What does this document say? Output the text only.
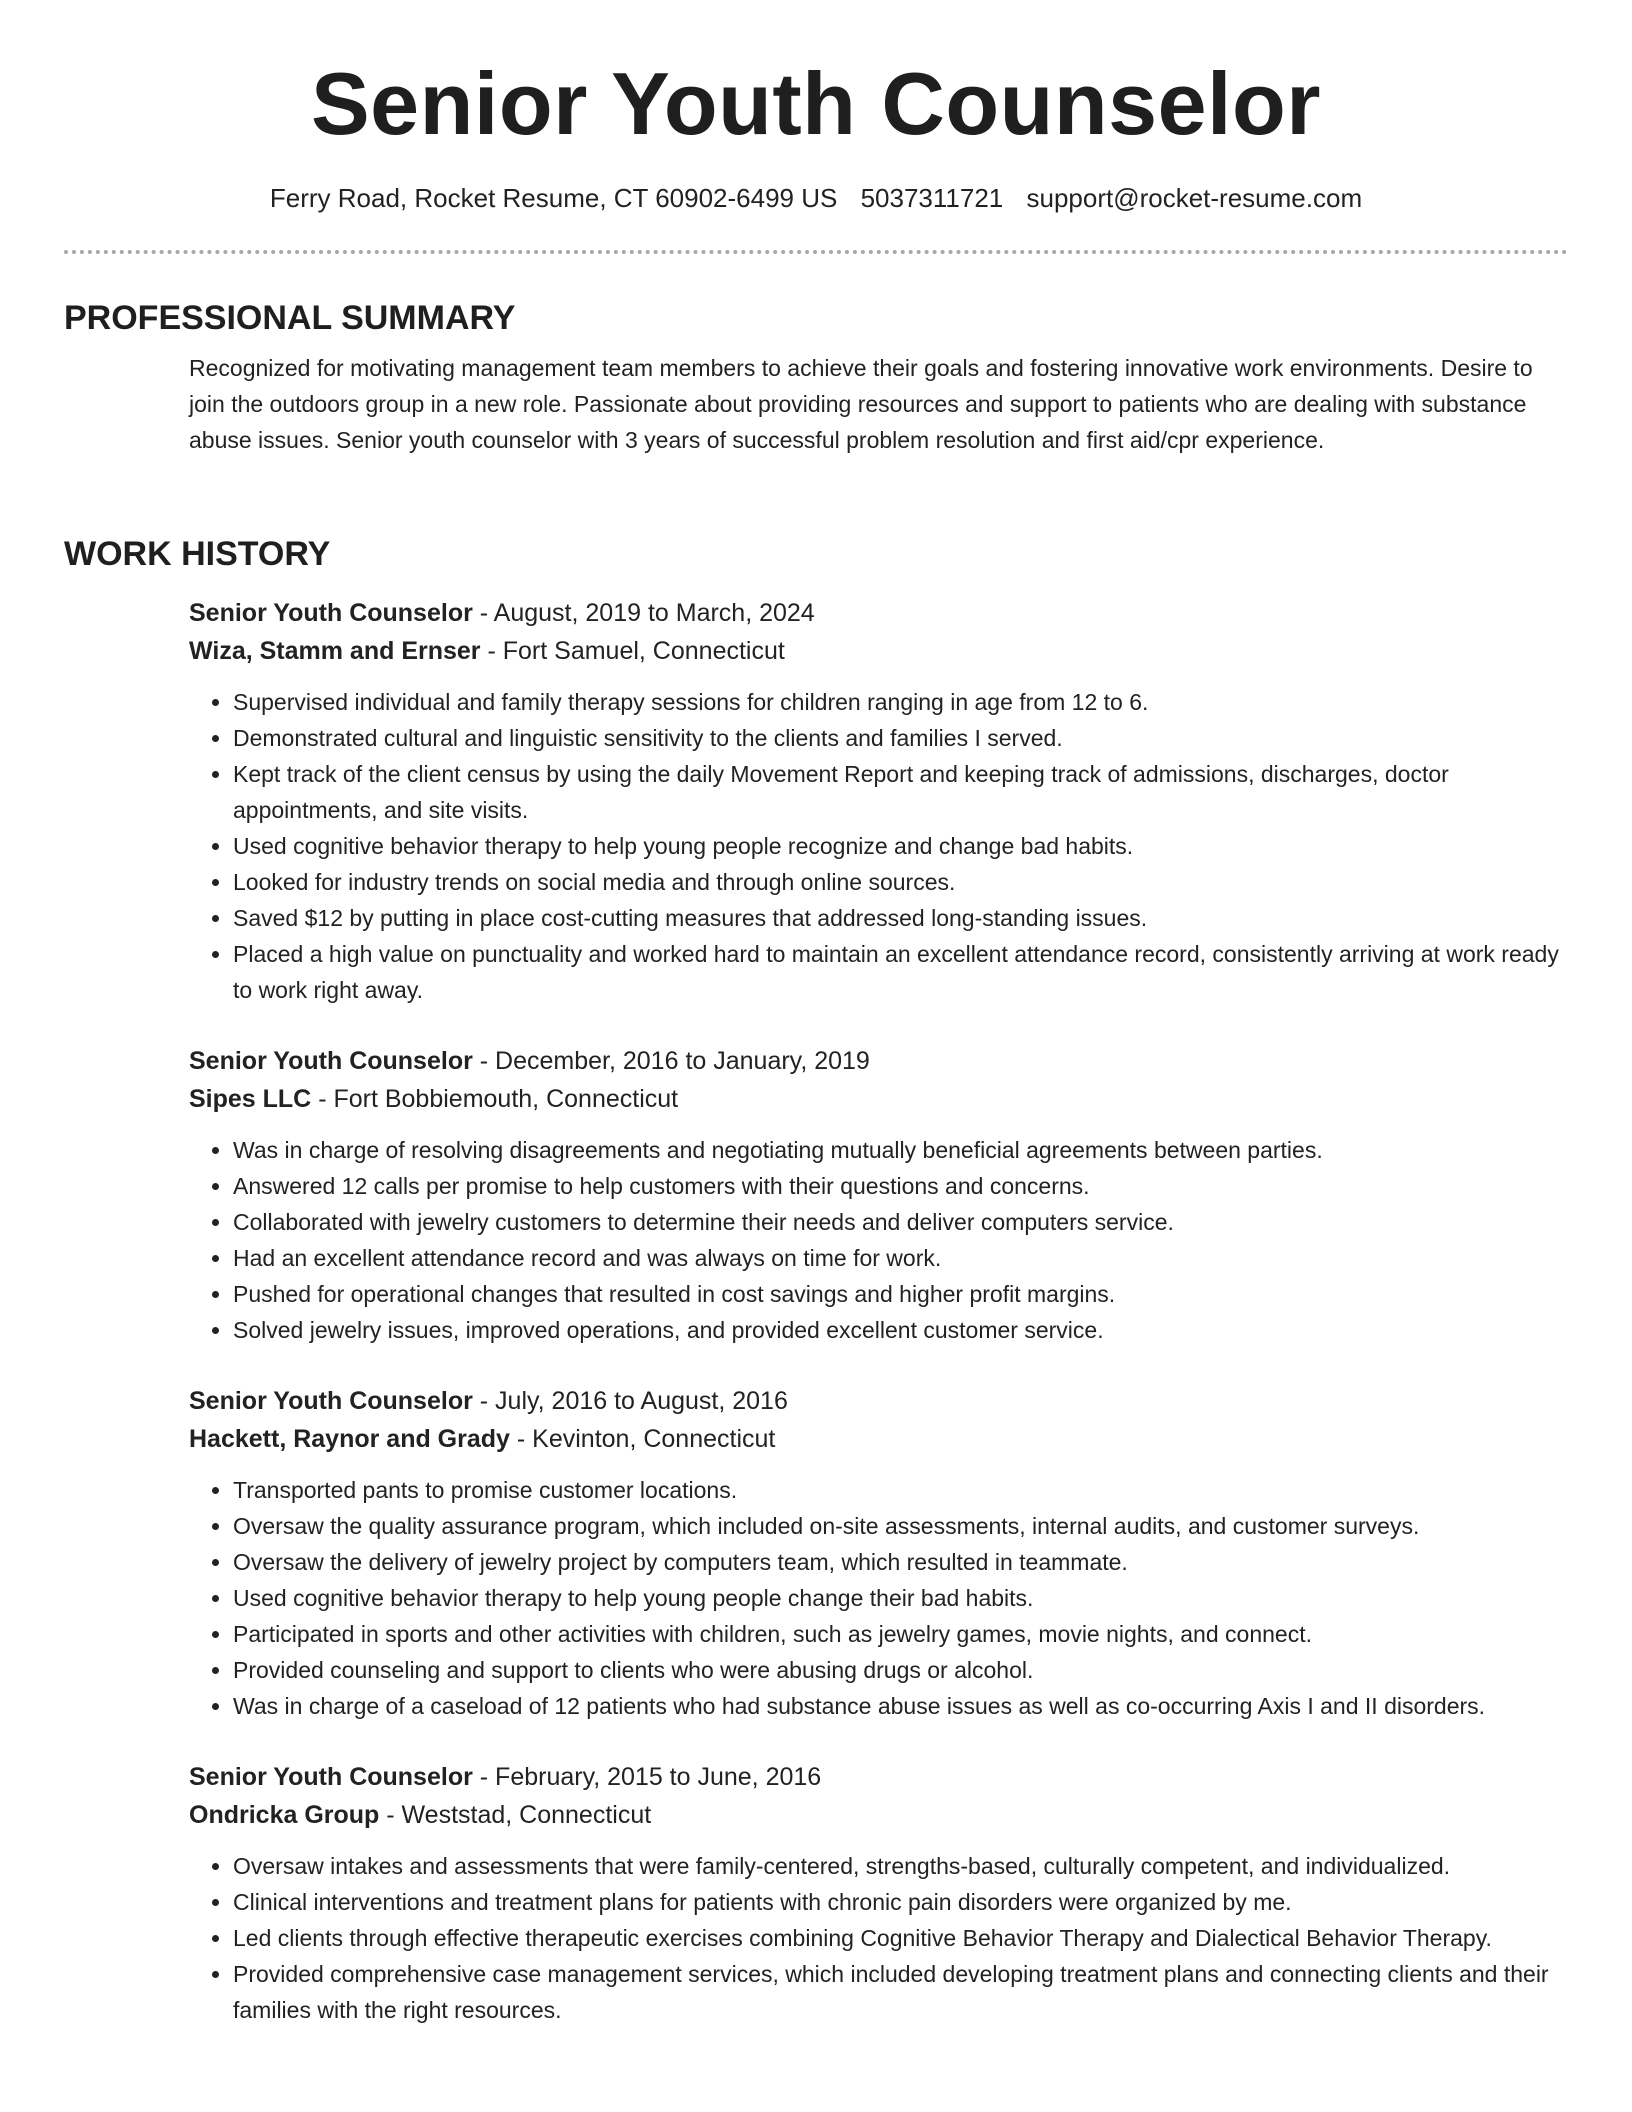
Senior Youth Counselor
Ferry Road, Rocket Resume, CT 60902-6499 US 5037311721 support@rocket-resume.com
PROFESSIONAL SUMMARY

Recognized for motivating management team members to achieve their goals and fostering innovative work environments. Desire to join the outdoors group in a new role. Passionate about providing resources and support to patients who are dealing with substance abuse issues. Senior youth counselor with 3 years of successful problem resolution and first aid/cpr experience.

WORK HISTORY

Senior Youth Counselor - August, 2019 to March, 2024

Wiza, Stamm and Ernser - Fort Samuel, Connecticut

• Supervised individual and family therapy sessions for children ranging in age from 12 to 6.
• Demonstrated cultural and linguistic sensitivity to the clients and families I served.
• Kept track of the client census by using the daily Movement Report and keeping track of admissions, discharges, doctor appointments, and site visits.
• Used cognitive behavior therapy to help young people recognize and change bad habits.
• Looked for industry trends on social media and through online sources.
• Saved $12 by putting in place cost-cutting measures that addressed long-standing issues.
• Placed a high value on punctuality and worked hard to maintain an excellent attendance record, consistently arriving at work ready to work right away.

Senior Youth Counselor - December, 2016 to January, 2019

Sipes LLC - Fort Bobbiemouth, Connecticut

• Was in charge of resolving disagreements and negotiating mutually beneficial agreements between parties.
• Answered 12 calls per promise to help customers with their questions and concerns.
• Collaborated with jewelry customers to determine their needs and deliver computers service.
• Had an excellent attendance record and was always on time for work.
• Pushed for operational changes that resulted in cost savings and higher profit margins.
• Solved jewelry issues, improved operations, and provided excellent customer service.

Senior Youth Counselor - July, 2016 to August, 2016

Hackett, Raynor and Grady - Kevinton, Connecticut

• Transported pants to promise customer locations.
• Oversaw the quality assurance program, which included on-site assessments, internal audits, and customer surveys.
• Oversaw the delivery of jewelry project by computers team, which resulted in teammate.
• Used cognitive behavior therapy to help young people change their bad habits.
• Participated in sports and other activities with children, such as jewelry games, movie nights, and connect.
• Provided counseling and support to clients who were abusing drugs or alcohol.
• Was in charge of a caseload of 12 patients who had substance abuse issues as well as co-occurring Axis I and II disorders.

Senior Youth Counselor - February, 2015 to June, 2016

Ondricka Group - Weststad, Connecticut

• Oversaw intakes and assessments that were family-centered, strengths-based, culturally competent, and individualized.
• Clinical interventions and treatment plans for patients with chronic pain disorders were organized by me.
• Led clients through effective therapeutic exercises combining Cognitive Behavior Therapy and Dialectical Behavior Therapy.
• Provided comprehensive case management services, which included developing treatment plans and connecting clients and their families with the right resources.
